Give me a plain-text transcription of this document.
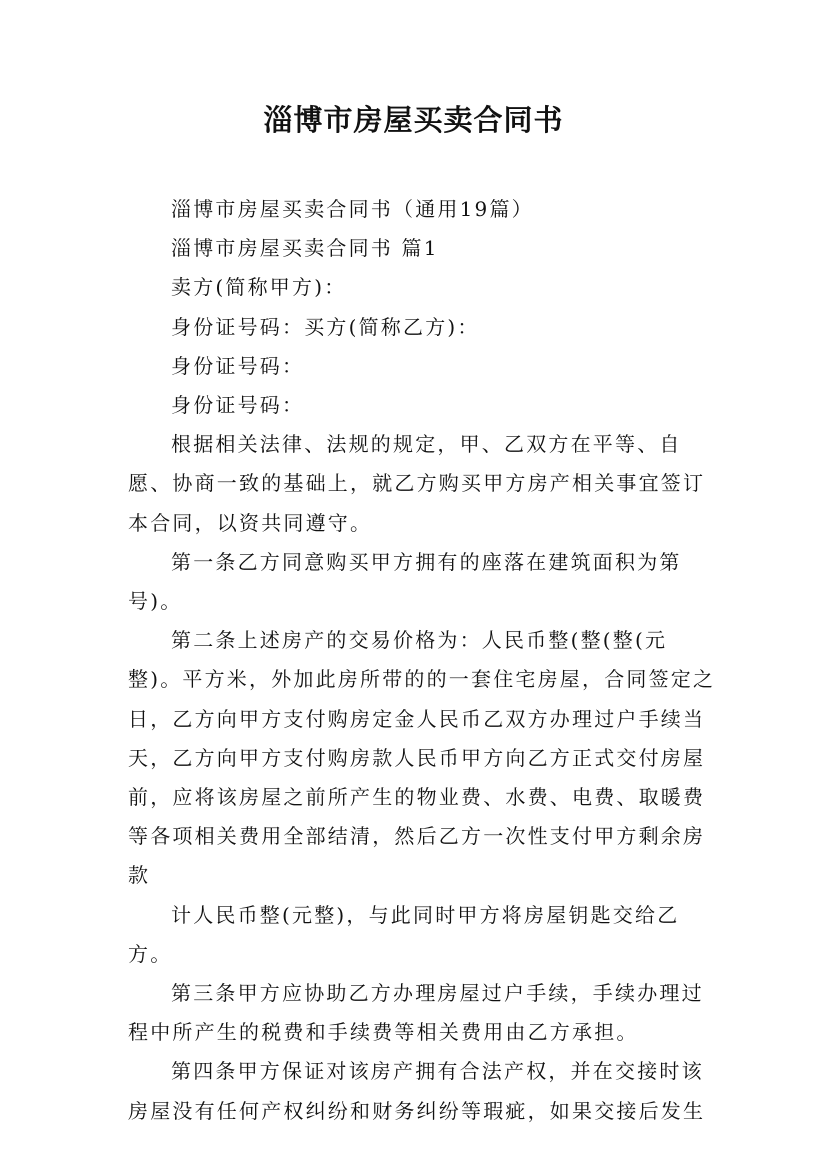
淄博市房屋买卖合同书

淄博市房屋买卖合同书（通用19篇）

淄博市房屋买卖合同书 篇1

卖方(简称甲方)：

身份证号码：买方(简称乙方)：

身份证号码：

身份证号码：

根据相关法律、法规的规定，甲、乙双方在平等、自愿、协商一致的基础上，就乙方购买甲方房产相关事宜签订本合同，以资共同遵守。

第一条乙方同意购买甲方拥有的座落在建筑面积为第号)。

第二条上述房产的交易价格为：人民币整(整(整(元整)。平方米，外加此房所带的的一套住宅房屋，合同签定之日，乙方向甲方支付购房定金人民币乙双方办理过户手续当天，乙方向甲方支付购房款人民币甲方向乙方正式交付房屋前，应将该房屋之前所产生的物业费、水费、电费、取暖费等各项相关费用全部结清，然后乙方一次性支付甲方剩余房款

计人民币整(元整)，与此同时甲方将房屋钥匙交给乙方。

第三条甲方应协助乙方办理房屋过户手续，手续办理过程中所产生的税费和手续费等相关费用由乙方承担。

第四条甲方保证对该房产拥有合法产权，并在交接时该房屋没有任何产权纠纷和财务纠纷等瑕疵，如果交接后发生
